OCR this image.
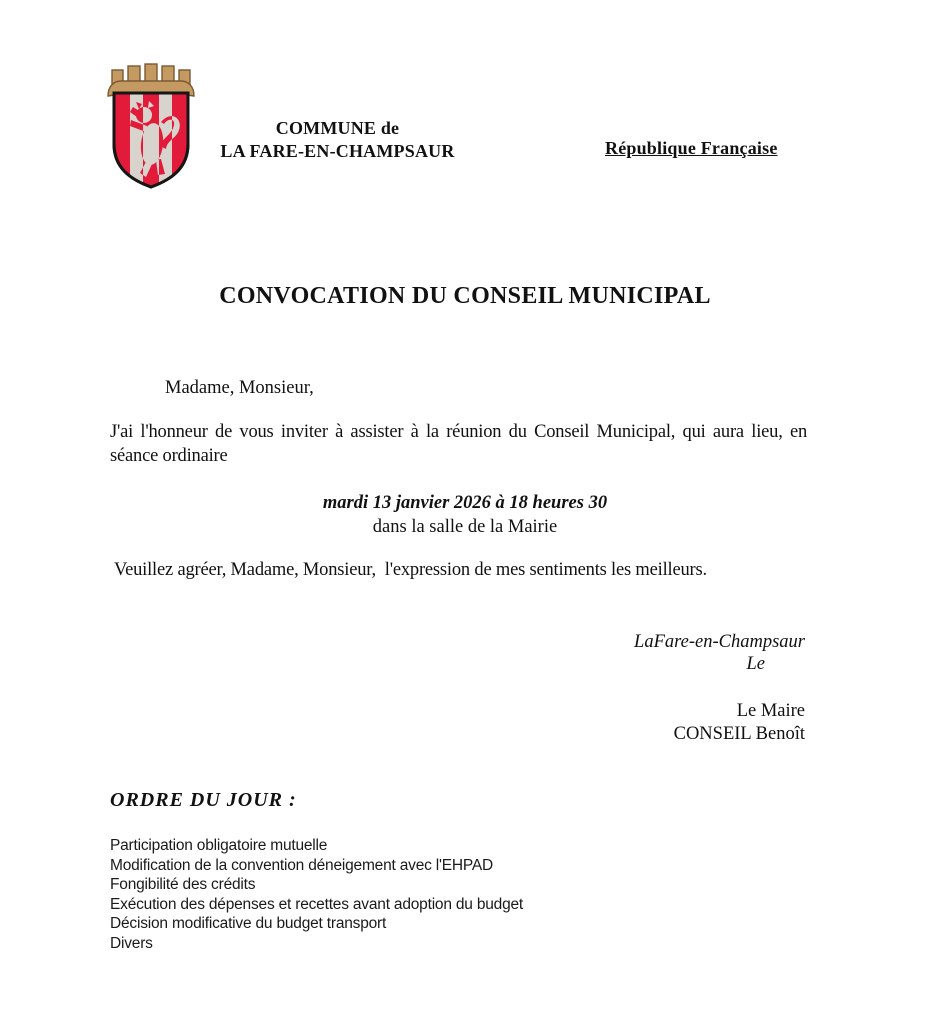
COMMUNE de
LA FARE-EN-CHAMPSAUR	République Française
CONVOCATION DU CONSEIL MUNICIPAL
Madame, Monsieur,
J'ai l'honneur de vous inviter à assister à la réunion du Conseil Municipal, qui aura lieu, en séance ordinaire
mardi 13 janvier 2026 à 18 heures 30
dans la salle de la Mairie
Veuillez agréer, Madame, Monsieur,  l'expression de mes sentiments les meilleurs.
LaFare-en-Champsaur
Le
Le Maire
CONSEIL Benoît
ORDRE DU JOUR :
Participation obligatoire mutuelle
Modification de la convention déneigement avec l'EHPAD
Fongibilité des crédits
Exécution des dépenses et recettes avant adoption du budget
Décision modificative du budget transport
Divers
